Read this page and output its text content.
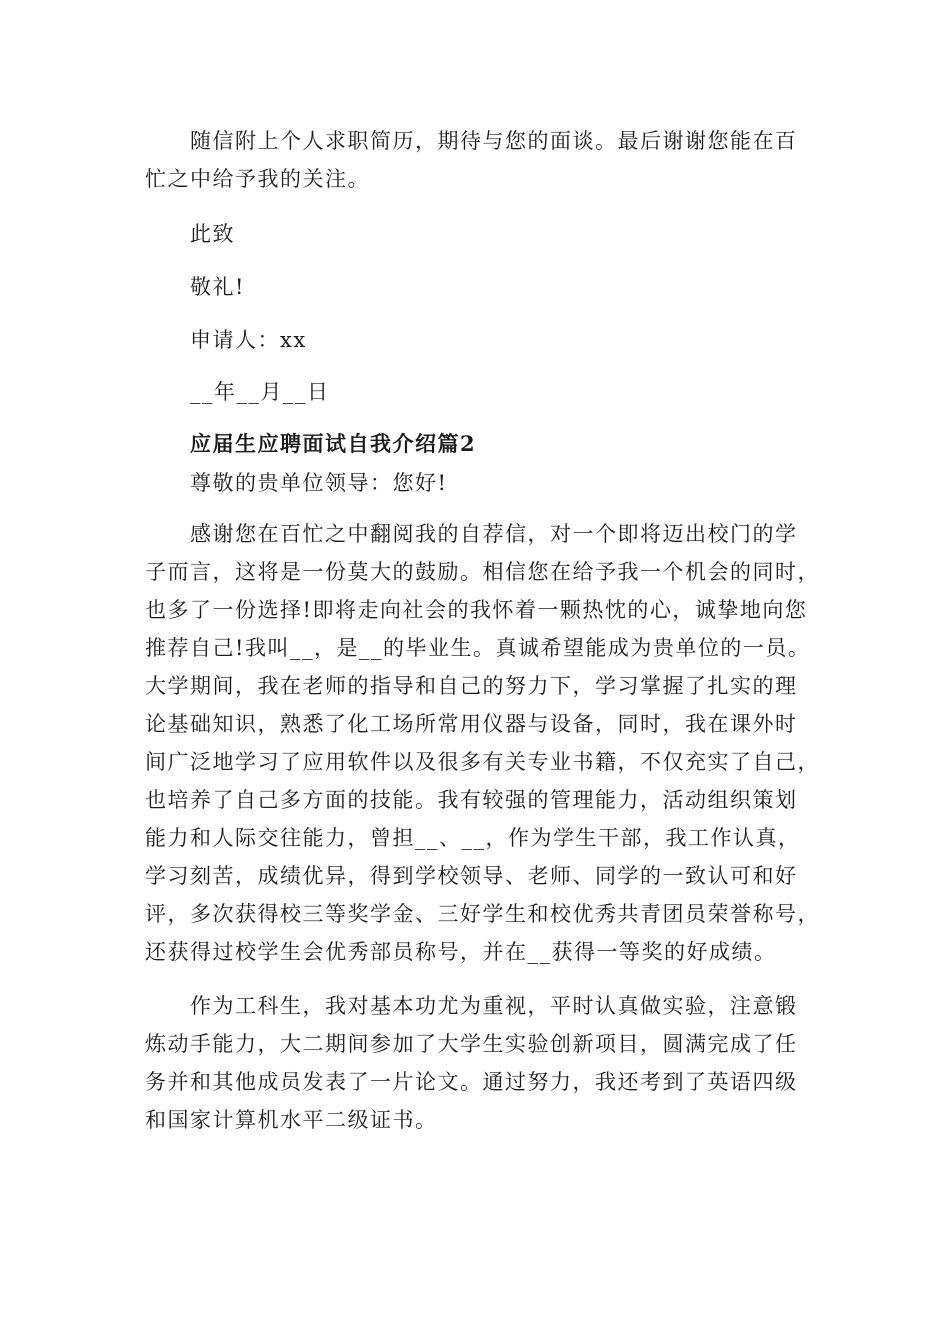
随信附上个人求职简历，期待与您的面谈。最后谢谢您能在百

忙之中给予我的关注。

此致

敬礼!

申请人：xx

__年__月__日

应届生应聘面试自我介绍篇2

尊敬的贵单位领导：您好!

感谢您在百忙之中翻阅我的自荐信，对一个即将迈出校门的学

子而言，这将是一份莫大的鼓励。相信您在给予我一个机会的同时，

也多了一份选择!即将走向社会的我怀着一颗热忱的心，诚挚地向您

推荐自己!我叫__，是__的毕业生。真诚希望能成为贵单位的一员。

大学期间，我在老师的指导和自己的努力下，学习掌握了扎实的理

论基础知识，熟悉了化工场所常用仪器与设备，同时，我在课外时

间广泛地学习了应用软件以及很多有关专业书籍，不仅充实了自己，

也培养了自己多方面的技能。我有较强的管理能力，活动组织策划

能力和人际交往能力，曾担__、__，作为学生干部，我工作认真，

学习刻苦，成绩优异，得到学校领导、老师、同学的一致认可和好

评，多次获得校三等奖学金、三好学生和校优秀共青团员荣誉称号，

还获得过校学生会优秀部员称号，并在__获得一等奖的好成绩。

作为工科生，我对基本功尤为重视，平时认真做实验，注意锻

炼动手能力，大二期间参加了大学生实验创新项目，圆满完成了任

务并和其他成员发表了一片论文。通过努力，我还考到了英语四级

和国家计算机水平二级证书。
